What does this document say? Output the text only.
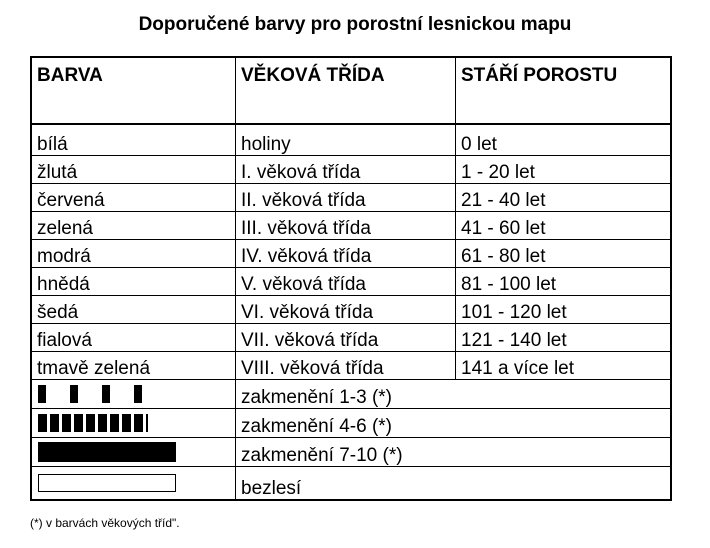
Doporučené barvy pro porostní lesnickou mapu
BARVA	VĚKOVÁ TŘÍDA	STÁŘÍ POROSTU
bílá	holiny	0 let
žlutá	I. věková třída	1 - 20 let
červená	II. věková třída	21 - 40 let
zelená	III. věková třída	41 - 60 let
modrá	IV. věková třída	61 - 80 let
hnědá	V. věková třída	81 - 100 let
šedá	VI. věková třída	101 - 120 let
fialová	VII. věková třída	121 - 140 let
tmavě zelená	VIII. věková třída	141 a více let

	zakmenění 1-3 (*)	

	zakmenění 4-6 (*)	

	zakmenění 7-10 (*)	

	bezlesí	
(*) v barvách věkových tříd".
